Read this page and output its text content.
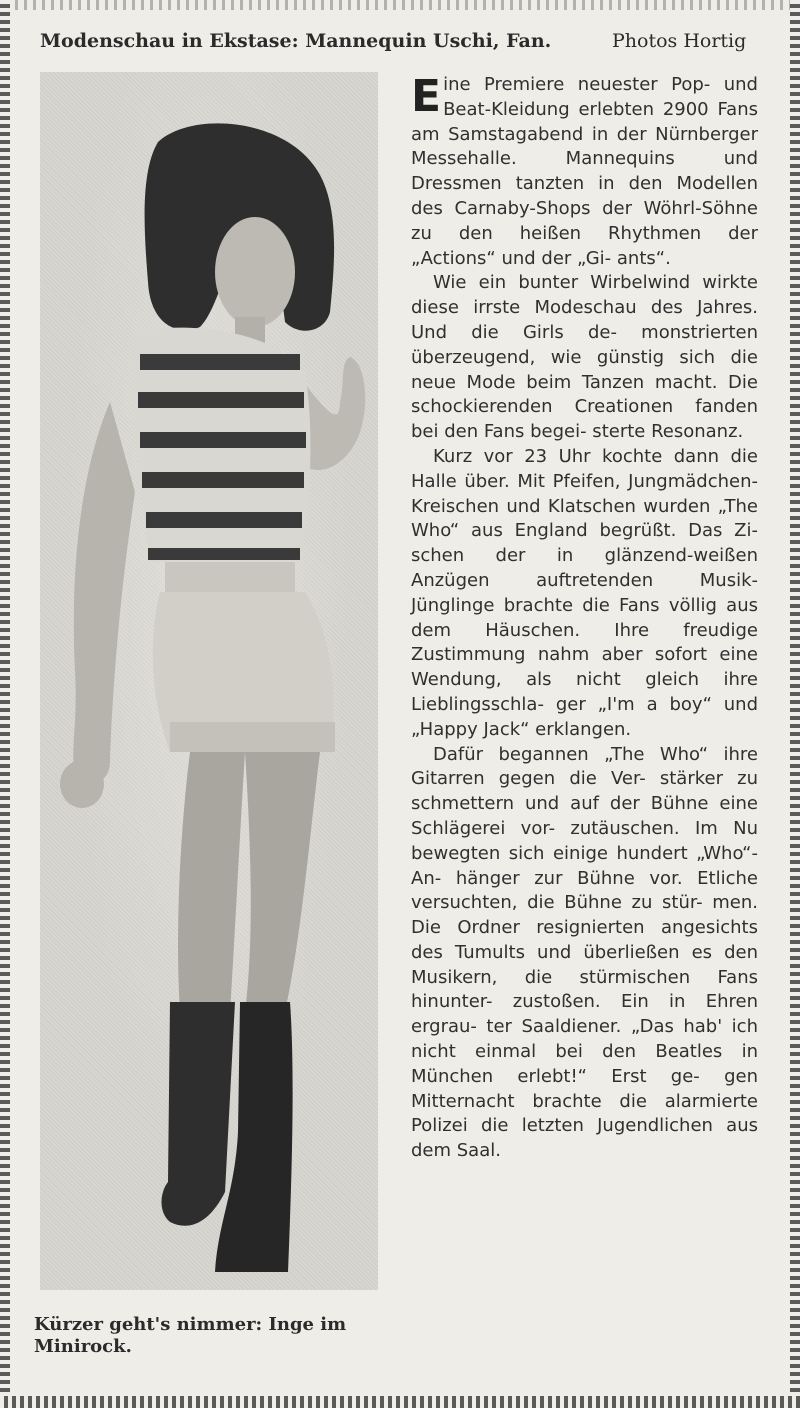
Modenschau in Ekstase: Mannequin Uschi, Fan.	Photos Hortig
Kürzer geht's nimmer: Inge im Minirock.

Eine Premiere neuester Pop- und Beat-Kleidung erlebten 2900 Fans am Samstagabend in der Nürnberger Messehalle. Mannequins und Dressmen tanzten in den Modellen des Carnaby-Shops der Wöhrl-Söhne zu den heißen Rhythmen der „Actions“ und der „Gi- ants“.

Wie ein bunter Wirbelwind wirkte diese irrste Modeschau des Jahres. Und die Girls de- monstrierten überzeugend, wie günstig sich die neue Mode beim Tanzen macht. Die schockierenden Creationen fanden bei den Fans begei- sterte Resonanz.

Kurz vor 23 Uhr kochte dann die Halle über. Mit Pfeifen, Jungmädchen-Kreischen und Klatschen wurden „The Who“ aus England begrüßt. Das Zi- schen der in glänzend-weißen Anzügen auftretenden Musik- Jünglinge brachte die Fans völlig aus dem Häuschen. Ihre freudige Zustimmung nahm aber sofort eine Wendung, als nicht gleich ihre Lieblingsschla- ger „I'm a boy“ und „Happy Jack“ erklangen.

Dafür begannen „The Who“ ihre Gitarren gegen die Ver- stärker zu schmettern und auf der Bühne eine Schlägerei vor- zutäuschen. Im Nu bewegten sich einige hundert „Who“-An- hänger zur Bühne vor. Etliche versuchten, die Bühne zu stür- men. Die Ordner resignierten angesichts des Tumults und überließen es den Musikern, die stürmischen Fans hinunter- zustoßen. Ein in Ehren ergrau- ter Saaldiener. „Das hab' ich nicht einmal bei den Beatles in München erlebt!“ Erst ge- gen Mitternacht brachte die alarmierte Polizei die letzten Jugendlichen aus dem Saal.
